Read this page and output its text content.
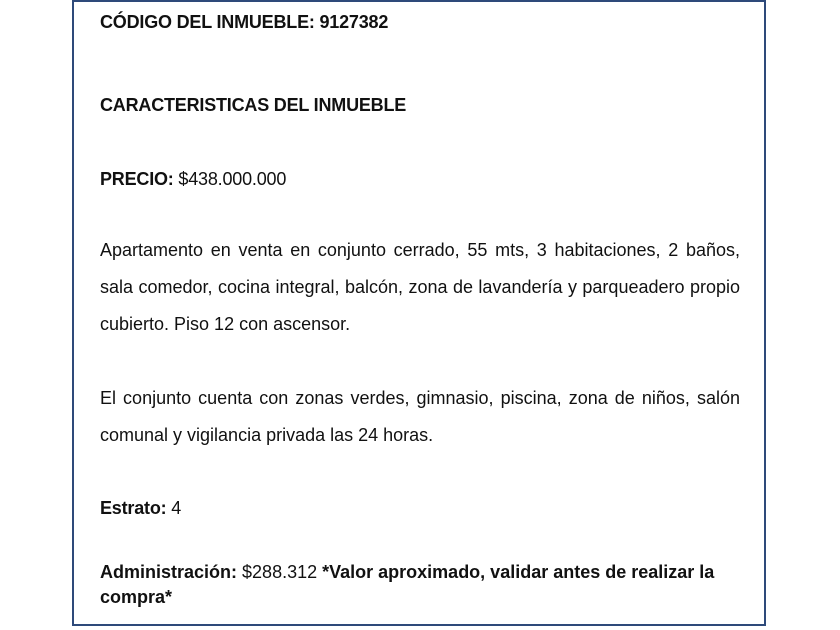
CÓDIGO DEL INMUEBLE: 9127382
CARACTERISTICAS DEL INMUEBLE
PRECIO: $438.000.000
Apartamento en venta en conjunto cerrado, 55 mts, 3 habitaciones, 2 baños, sala comedor, cocina integral, balcón, zona de lavandería y parqueadero propio cubierto. Piso 12 con ascensor.
El conjunto cuenta con zonas verdes, gimnasio, piscina, zona de niños, salón comunal y vigilancia privada las 24 horas.
Estrato: 4
Administración: $288.312 *Valor aproximado, validar antes de realizar la compra*
